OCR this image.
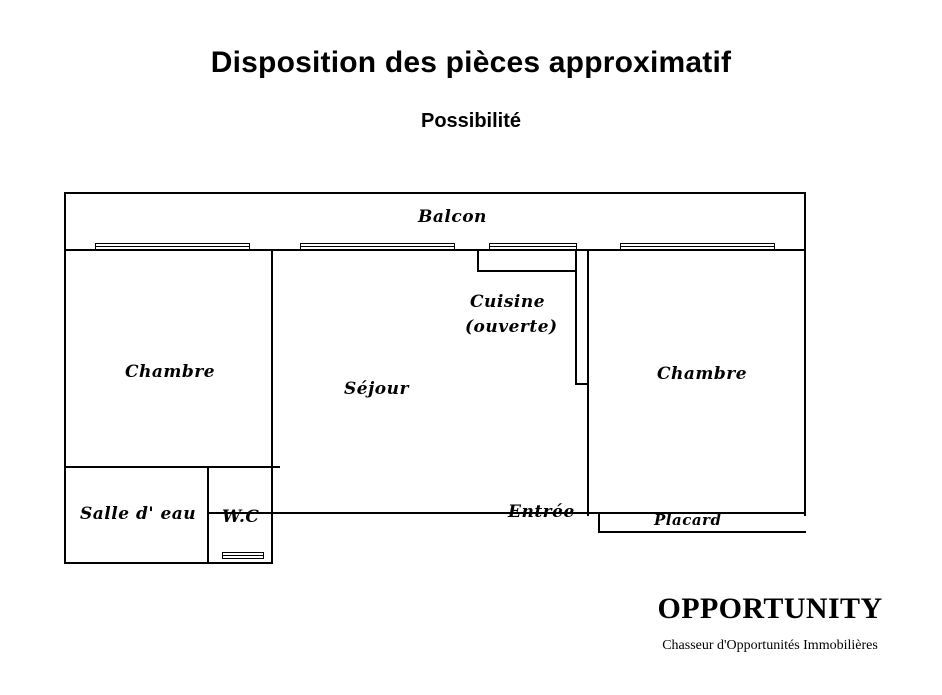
Disposition des pièces approximatif
Possibilité
Balcon
Chambre
Séjour
Cuisine
(ouverte)
Chambre
Salle d' eau W.C	Entrée	Placard
OPPORTUNITY
Chasseur d'Opportunités Immobilières
